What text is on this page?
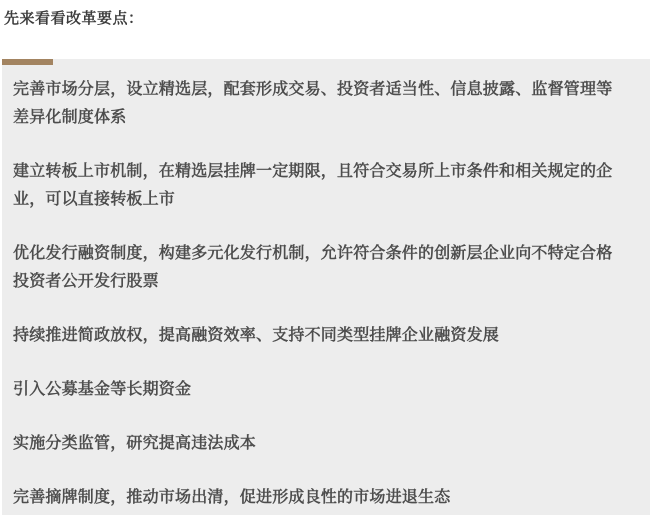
先来看看改革要点：

完善市场分层，设立精选层，配套形成交易、投资者适当性、信息披露、监督管理等差异化制度体系

建立转板上市机制，在精选层挂牌一定期限，且符合交易所上市条件和相关规定的企业，可以直接转板上市

优化发行融资制度，构建多元化发行机制，允许符合条件的创新层企业向不特定合格投资者公开发行股票

持续推进简政放权，提高融资效率、支持不同类型挂牌企业融资发展

引入公募基金等长期资金

实施分类监管，研究提高违法成本

完善摘牌制度，推动市场出清，促进形成良性的市场进退生态
